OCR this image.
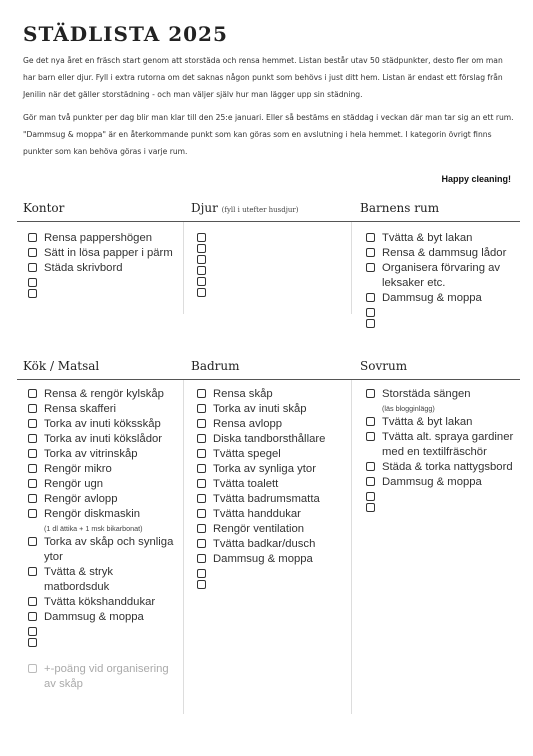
STÄDLISTA 2025

Ge det nya året en fräsch start genom att storstäda och rensa hemmet. Listan består utav 50 städpunkter, desto fler om man har barn eller djur. Fyll i extra rutorna om det saknas någon punkt som behövs i just ditt hem. Listan är endast ett förslag från Jenilin när det gäller storstädning - och man väljer själv hur man lägger upp sin städning.

Gör man två punkter per dag blir man klar till den 25:e januari. Eller så bestäms en städdag i veckan där man tar sig an ett rum. "Dammsug & moppa" är en återkommande punkt som kan göras som en avslutning i hela hemmet. I kategorin övrigt finns punkter som kan behöva göras i varje rum.

Happy cleaning!
Kontor	Djur (fyll i utefter husdjur)	Barnens rum
Rensa pappershögen
Sätt in lösa papper i pärm
Städa skrivbord
Tvätta & byt lakan
Rensa & dammsug lådor
Organisera förvaring av
leksaker etc.
Dammsug & moppa
Kök / Matsal	Badrum	Sovrum
Rensa & rengör kylskåp
Rensa skafferi
Torka av inuti köksskåp
Torka av inuti kökslådor
Torka av vitrinskåp
Rengör mikro
Rengör ugn
Rengör avlopp
Rengör diskmaskin
(1 dl ättika + 1 msk bikarbonat)
Torka av skåp och synliga
ytor
Tvätta & stryk
matbordsduk
Tvätta kökshanddukar
Dammsug & moppa
+-poäng vid organisering
av skåp
Rensa skåp
Torka av inuti skåp
Rensa avlopp
Diska tandborsthållare
Tvätta spegel
Torka av synliga ytor
Tvätta toalett
Tvätta badrumsmatta
Tvätta handdukar
Rengör ventilation
Tvätta badkar/dusch
Dammsug & moppa
Storstäda sängen
(läs blogginlägg)
Tvätta & byt lakan
Tvätta alt. spraya gardiner
med en textilfräschör
Städa & torka nattygsbord
Dammsug & moppa
